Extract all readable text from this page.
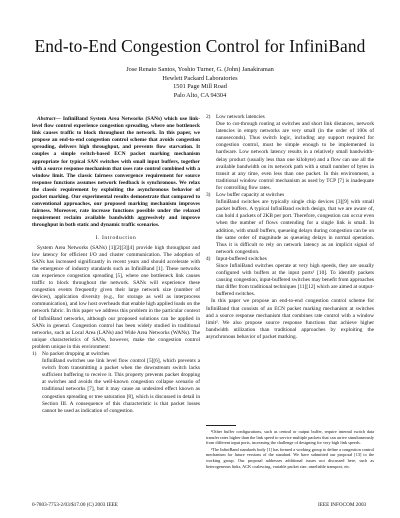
End-to-End Congestion Control for InfiniBand
Jose Renato Santos, Yoshio Turner, G. (John) Janakiraman
Hewlett Packard Laboratories
1501 Page Mill Road
Palo Alto, CA 94304

Abstract— InfiniBand System Area Networks (SANs) which use link-level flow control experience congestion spreading, where one bottleneck link causes traffic to block throughout the network. In this paper, we propose an end-to-end congestion control scheme that avoids congestion spreading, delivers high throughput, and prevents flow starvation. It couples a simple switch-based ECN packet marking mechanism appropriate for typical SAN switches with small input buffers, together with a source response mechanism that uses rate control combined with a window limit. The classic fairness convergence requirement for source response functions assumes network feedback is synchronous. We relax the classic requirement by exploiting the asynchronous behavior of packet marking. Our experimental results demonstrate that compared to conventional approaches, our proposed marking mechanism improves fairness. Moreover, rate increase functions possible under the relaxed requirement reclaim available bandwidth aggressively and improve throughput in both static and dynamic traffic scenarios.

I. Introduction

System Area Networks (SANs) [1][2][3][4] provide high throughput and low latency for efficient I/O and cluster communication. The adoption of SANs has increased significantly in recent years and should accelerate with the emergence of industry standards such as InfiniBand [1]. These networks can experience congestion spreading [5], where one bottleneck link causes traffic to block throughout the network. SANs will experience these congestion events frequently given their large network size (number of devices), application diversity (e.g., for storage as well as interprocess communication), and low host overheads that enable high applied loads on the network fabric. In this paper we address this problem in the particular context of InfiniBand networks, although our proposed solutions can be applied in SANs in general. Congestion control has been widely studied in traditional networks, such as Local Area (LANs) and Wide Area Networks (WANs). The unique characteristics of SANs, however, make the congestion control problem unique in this environment:

1) No packet dropping at switches

InfiniBand switches use link level flow control [5][6], which prevents a switch from transmitting a packet when the downstream switch lacks sufficient buffering to receive it. This property prevents packet dropping at switches and avoids the well-known congestion collapse scenario of traditional networks [7], but it may cause an undesired effect known as congestion spreading or tree saturation [8], which is discussed in detail in Section III. A consequence of this characteristic is that packet losses cannot be used as indication of congestion.

2) Low network latencies

Due to cut-through routing at switches and short link distances, network latencies in empty networks are very small (in the order of 100s of nanoseconds). Thus switch logic, including any support required for congestion control, must be simple enough to be implemented in hardware. Low network latency results in a relatively small bandwidth-delay product (usually less than one kilobyte) and a flow can use all the available bandwidth on its network path with a small number of bytes in transit at any time, even less than one packet. In this environment, a traditional window control mechanism as used by TCP [7] is inadequate for controlling flow rates.

3) Low buffer capacity at switches

InfiniBand switches are typically single chip devices [3][9] with small packet buffers. A typical InfiniBand switch design, that we are aware of, can hold 4 packets of 2KB per port. Therefore, congestion can occur even when the number of flows contending for a single link is small. In addition, with small buffers, queueing delays during congestion can be on the same order of magnitude as queueing delays in normal operation. Thus it is difficult to rely on network latency as an implicit signal of network congestion.

4) Input-buffered switches

Since InfiniBand switches operate at very high speeds, they are usually configured with buffers at the input ports¹ [10]. To identify packets causing congestion, input-buffered switches may benefit from approaches that differ from traditional techniques [11][12] which are aimed at output-buffered switches.

In this paper we propose an end-to-end congestion control scheme for InfiniBand that consists of an ECN packet marking mechanism at switches and a source response mechanism that combines rate control with a window limit². We also propose source response functions that achieve higher bandwidth utilization than traditional approaches by exploiting the asynchronous behavior of packet marking.

¹Other buffer configurations, such as central or output buffer, require internal switch data transfer rates higher than the link speed to service multiple packets that can arrive simultaneously from different input ports, increasing the challenge of designing for very high link speeds.

²The InfiniBand standards body [1] has formed a working group to define a congestion control mechanism for future versions of the standard. We have submitted our proposal [13] to the working group. Our proposal addresses additional issues not discussed here, such as heterogeneous links, ACK coalescing, variable packet size, unreliable transport, etc.

0-7803-7753-2/03/$17.00 (C) 2003 IEEE	IEEE INFOCOM 2003
